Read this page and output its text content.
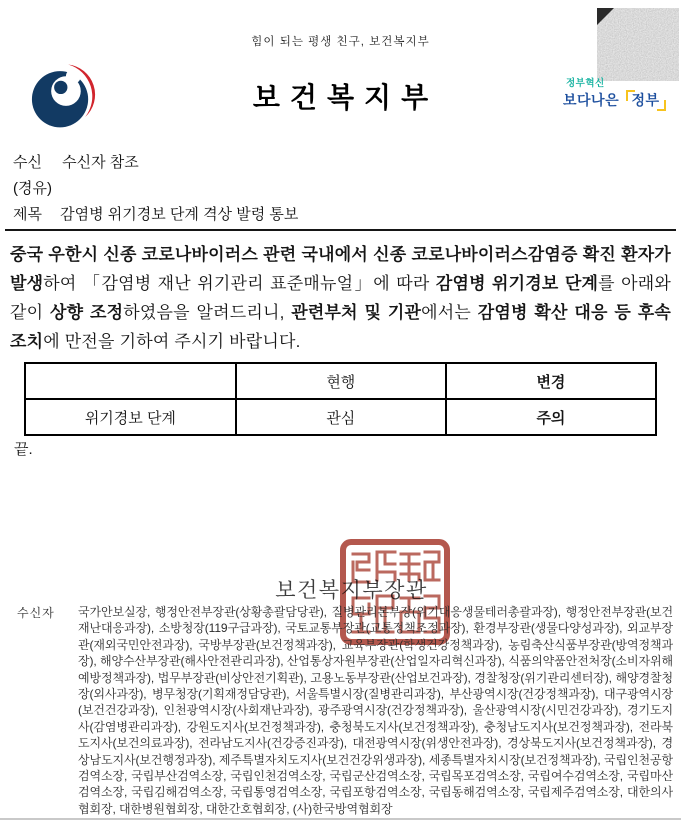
힘이 되는 평생 친구, 보건복지부
보건복지부	정부혁신
보다나은 정부
수신 수신자 참조
(경유)
제목 감염병 위기경보 단계 격상 발령 통보

중국 우한시 신종 코로나바이러스 관련 국내에서 신종 코로나바이러스감염증 확진 환자가 발생하여 「감염병 재난 위기관리 표준매뉴얼」에 따라 감염병 위기경보 단계를 아래와 같이 상향 조정하였음을 알려드리니, 관련부처 및 기관에서는 감염병 확산 대응 등 후속 조치에 만전을 기하여 주시기 바랍니다.

	현행	변경
위기경보 단계	관심	주의
끝.
보건복지부장관
수신자 국가안보실장, 행정안전부장관(상황총괄담당관), 질병관리본부장(위기대응생물테러총괄과장), 행정안전부장관(보건재난대응과장), 소방청장(119구급과장), 국토교통부장관(교통정책조정과장), 환경부장관(생물다양성과장), 외교부장관(재외국민안전과장), 국방부장관(보건정책과장), 교육부장관(학생건강정책과장), 농림축산식품부장관(방역정책과장), 해양수산부장관(해사안전관리과장), 산업통상자원부장관(산업일자리혁신과장), 식품의약품안전처장(소비자위해예방정책과장), 법무부장관(비상안전기획관), 고용노동부장관(산업보건과장), 경찰청장(위기관리센터장), 해양경찰청장(외사과장), 병무청장(기획재정담당관), 서울특별시장(질병관리과장), 부산광역시장(건강정책과장), 대구광역시장(보건건강과장), 인천광역시장(사회재난과장), 광주광역시장(건강정책과장), 울산광역시장(시민건강과장), 경기도지사(감염병관리과장), 강원도지사(보건정책과장), 충청북도지사(보건정책과장), 충청남도지사(보건정책과장), 전라북도지사(보건의료과장), 전라남도지사(건강증진과장), 대전광역시장(위생안전과장), 경상북도지사(보건정책과장), 경상남도지사(보건행정과장), 제주특별자치도지사(보건건강위생과장), 세종특별자치시장(보건정책과장), 국립인천공항검역소장, 국립부산검역소장, 국립인천검역소장, 국립군산검역소장, 국립목포검역소장, 국립여수검역소장, 국립마산검역소장, 국립김해검역소장, 국립통영검역소장, 국립포항검역소장, 국립동해검역소장, 국립제주검역소장, 대한의사협회장, 대한병원협회장, 대한간호협회장, (사)한국방역협회장
